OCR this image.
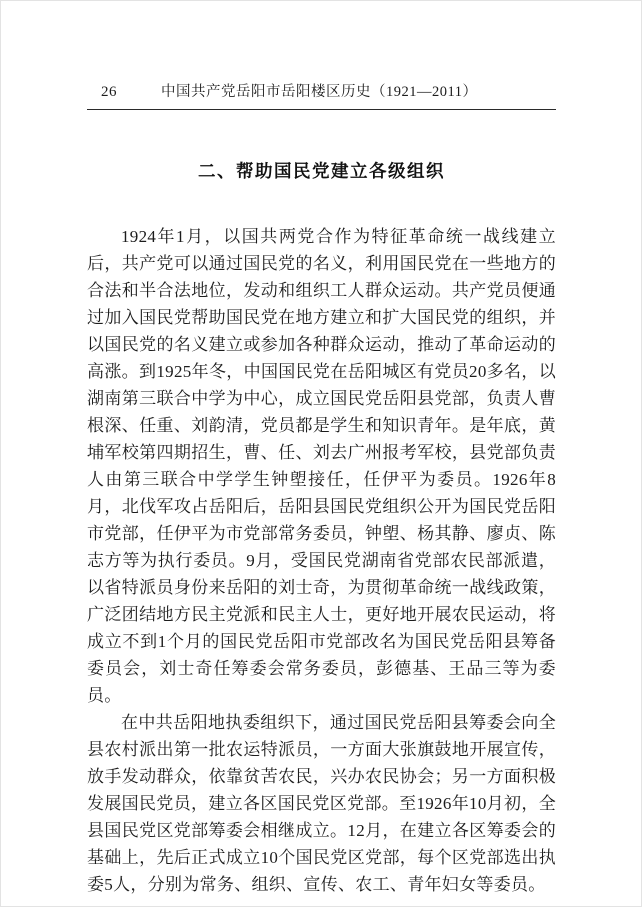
26	中国共产党岳阳市岳阳楼区历史（1921—2011）
二、帮助国民党建立各级组织

1924年1月，以国共两党合作为特征革命统一战线建立后，共产党可以通过国民党的名义，利用国民党在一些地方的合法和半合法地位，发动和组织工人群众运动。共产党员便通过加入国民党帮助国民党在地方建立和扩大国民党的组织，并以国民党的名义建立或参加各种群众运动，推动了革命运动的高涨。到1925年冬，中国国民党在岳阳城区有党员20多名，以湖南第三联合中学为中心，成立国民党岳阳县党部，负责人曹根深、任重、刘韵清，党员都是学生和知识青年。是年底，黄埔军校第四期招生，曹、任、刘去广州报考军校，县党部负责人由第三联合中学学生钟塱接任，任伊平为委员。1926年8月，北伐军攻占岳阳后，岳阳县国民党组织公开为国民党岳阳市党部，任伊平为市党部常务委员，钟塱、杨其静、廖贞、陈志方等为执行委员。9月，受国民党湖南省党部农民部派遣，以省特派员身份来岳阳的刘士奇，为贯彻革命统一战线政策，广泛团结地方民主党派和民主人士，更好地开展农民运动，将成立不到1个月的国民党岳阳市党部改名为国民党岳阳县筹备委员会，刘士奇任筹委会常务委员，彭德基、王品三等为委员。

在中共岳阳地执委组织下，通过国民党岳阳县筹委会向全县农村派出第一批农运特派员，一方面大张旗鼓地开展宣传，放手发动群众，依靠贫苦农民，兴办农民协会；另一方面积极发展国民党员，建立各区国民党区党部。至1926年10月初，全县国民党区党部筹委会相继成立。12月，在建立各区筹委会的基础上，先后正式成立10个国民党区党部，每个区党部选出执委5人，分别为常务、组织、宣传、农工、青年妇女等委员。
